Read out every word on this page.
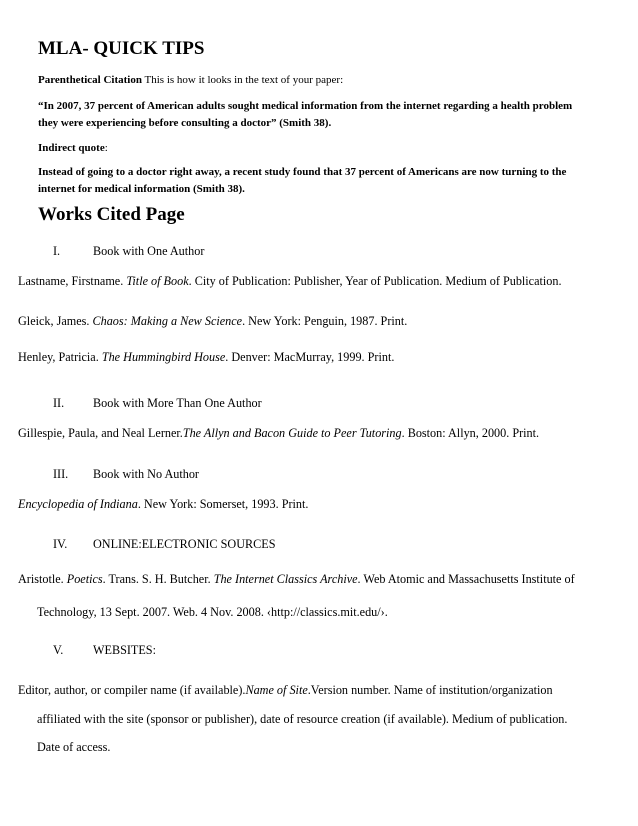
MLA- QUICK TIPS
Parenthetical Citation This is how it looks in the text of your paper:
“In 2007, 37 percent of American adults sought medical information from the internet regarding a health problem
they were experiencing before consulting a doctor” (Smith 38).
Indirect quote:
Instead of going to a doctor right away, a recent study found that 37 percent of Americans are now turning to the
internet for medical information (Smith 38).
Works Cited Page
I.	Book with One Author
Lastname, Firstname. Title of Book. City of Publication: Publisher, Year of Publication. Medium of Publication.
Gleick, James. Chaos: Making a New Science. New York: Penguin, 1987. Print.
Henley, Patricia. The Hummingbird House. Denver: MacMurray, 1999. Print.
II. Book with More Than One Author
Gillespie, Paula, and Neal Lerner.The Allyn and Bacon Guide to Peer Tutoring. Boston: Allyn, 2000. Print.
III. Book with No Author
Encyclopedia of Indiana. New York: Somerset, 1993. Print.
IV. ONLINE:ELECTRONIC SOURCES
Aristotle. Poetics. Trans. S. H. Butcher. The Internet Classics Archive. Web Atomic and Massachusetts Institute of
Technology, 13 Sept. 2007. Web. 4 Nov. 2008. ‹http://classics.mit.edu/›.
V. WEBSITES:
Editor, author, or compiler name (if available).Name of Site.Version number. Name of institution/organization
affiliated with the site (sponsor or publisher), date of resource creation (if available). Medium of publication.
Date of access.
